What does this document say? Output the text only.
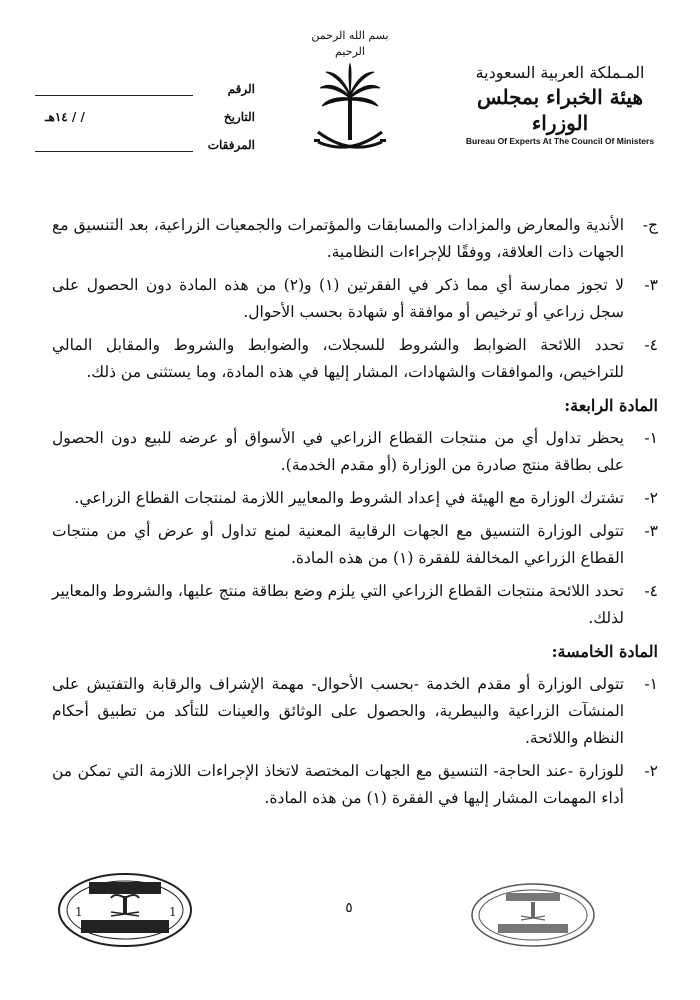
المـملكة العربية السعودية
هيئة الخبراء بمجلس الوزراء
Bureau Of Experts At The Council Of Ministers
بسم الله الرحمن الرحيم
الرقم
التاريخ
/ / ١٤هـ
المرفقات
ج-
الأندية والمعارض والمزادات والمسابقات والمؤتمرات والجمعيات الزراعية، بعد التنسيق مع الجهات ذات العلاقة، ووفقًا للإجراءات النظامية.
٣-
لا تجوز ممارسة أي مما ذكر في الفقرتين (١) و(٢) من هذه المادة دون الحصول على سجل زراعي أو ترخيص أو موافقة أو شهادة بحسب الأحوال.
٤-
تحدد اللائحة الضوابط والشروط للسجلات، والضوابط والشروط والمقابل المالي للتراخيص، والموافقات والشهادات، المشار إليها في هذه المادة، وما يستثنى من ذلك.
المادة الرابعة:
١-
يحظر تداول أي من منتجات القطاع الزراعي في الأسواق أو عرضه للبيع دون الحصول على بطاقة منتج صادرة من الوزارة (أو مقدم الخدمة).
٢-
تشترك الوزارة مع الهيئة في إعداد الشروط والمعايير اللازمة لمنتجات القطاع الزراعي.
٣-
تتولى الوزارة التنسيق مع الجهات الرقابية المعنية لمنع تداول أو عرض أي من منتجات القطاع الزراعي المخالفة للفقرة (١) من هذه المادة.
٤-
تحدد اللائحة منتجات القطاع الزراعي التي يلزم وضع بطاقة منتج عليها، والشروط والمعايير لذلك.
المادة الخامسة:
١-
تتولى الوزارة أو مقدم الخدمة -بحسب الأحوال- مهمة الإشراف والرقابة والتفتيش على المنشآت الزراعية والبيطرية، والحصول على الوثائق والعينات للتأكد من تطبيق أحكام النظام واللائحة.
٢-
للوزارة -عند الحاجة- التنسيق مع الجهات المختصة لاتخاذ الإجراءات اللازمة التي تمكن من أداء المهمات المشار إليها في الفقرة (١) من هذه المادة.
1	1	٥
